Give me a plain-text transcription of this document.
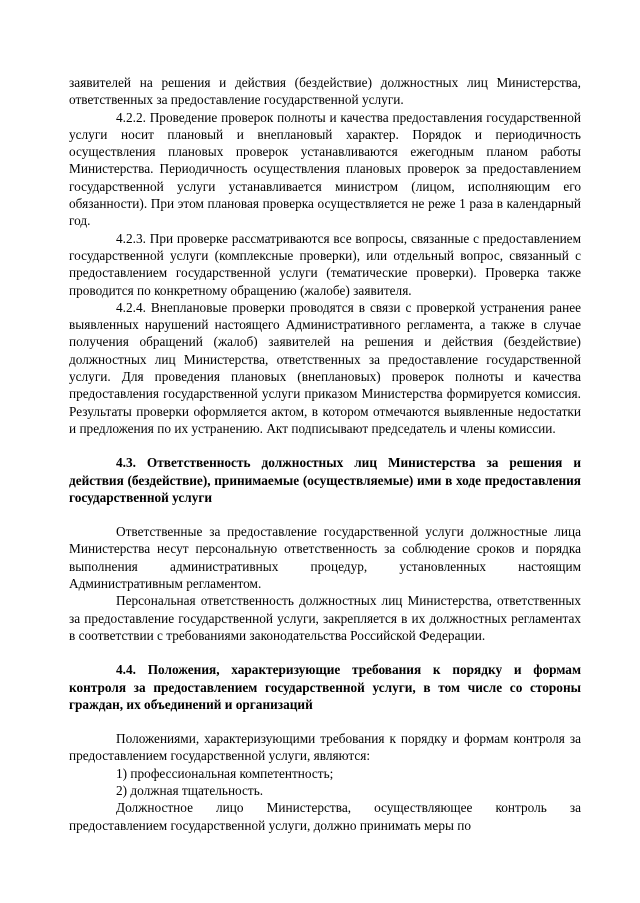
заявителей на решения и действия (бездействие) должностных лиц Министерства, ответственных за предоставление государственной услуги.

4.2.2. Проведение проверок полноты и качества предоставления государственной услуги носит плановый и внеплановый характер. Порядок и периодичность осуществления плановых проверок устанавливаются ежегодным планом работы Министерства. Периодичность осуществления плановых проверок за предоставлением государственной услуги устанавливается министром (лицом, исполняющим его обязанности). При этом плановая проверка осуществляется не реже 1 раза в календарный год.

4.2.3. При проверке рассматриваются все вопросы, связанные с предоставлением государственной услуги (комплексные проверки), или отдельный вопрос, связанный с предоставлением государственной услуги (тематические проверки). Проверка также проводится по конкретному обращению (жалобе) заявителя.

4.2.4. Внеплановые проверки проводятся в связи с проверкой устранения ранее выявленных нарушений настоящего Административного регламента, а также в случае получения обращений (жалоб) заявителей на решения и действия (бездействие) должностных лиц Министерства, ответственных за предоставление государственной услуги. Для проведения плановых (внеплановых) проверок полноты и качества предоставления государственной услуги приказом Министерства формируется комиссия. Результаты проверки оформляется актом, в котором отмечаются выявленные недостатки и предложения по их устранению. Акт подписывают председатель и члены комиссии.

4.3. Ответственность должностных лиц Министерства за решения и действия (бездействие), принимаемые (осуществляемые) ими в ходе предоставления государственной услуги

Ответственные за предоставление государственной услуги должностные лица Министерства несут персональную ответственность за соблюдение сроков и порядка выполнения административных процедур, установленных настоящим Административным регламентом.

Персональная ответственность должностных лиц Министерства, ответственных за предоставление государственной услуги, закрепляется в их должностных регламентах в соответствии с требованиями законодательства Российской Федерации.

4.4. Положения, характеризующие требования к порядку и формам контроля за предоставлением государственной услуги, в том числе со стороны граждан, их объединений и организаций

Положениями, характеризующими требования к порядку и формам контроля за предоставлением государственной услуги, являются:

1) профессиональная компетентность;

2) должная тщательность.

Должностное лицо Министерства, осуществляющее контроль за предоставлением государственной услуги, должно принимать меры по
